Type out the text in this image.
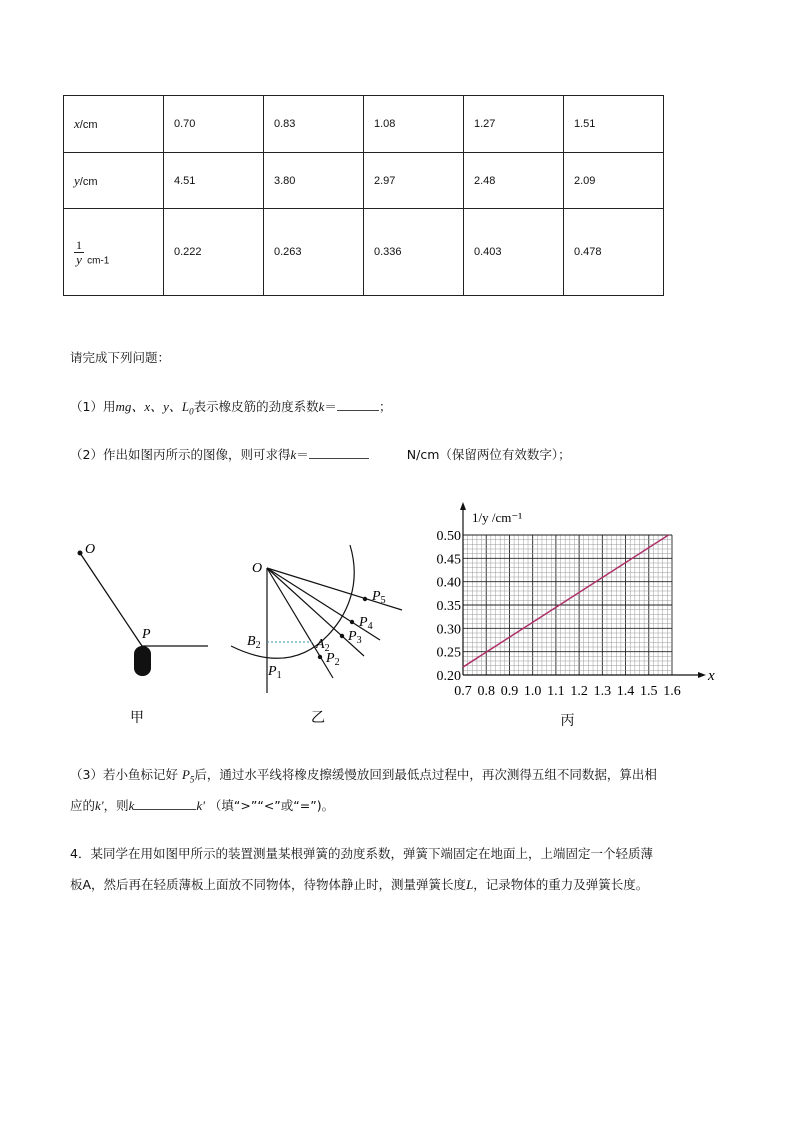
x/cm	0.70	0.83	1.08	1.27	1.51
y/cm	4.51	3.80	2.97	2.48	2.09

$\frac{1}{y} cm-1$	0.222	0.263	0.336	0.403	0.478
请完成下列问题：
（1）用mg、x、y、$L_0$表示橡皮筋的劲度系数k＝	；
（2）作出如图丙所示的图像，则可求得k＝	N/cm（保留两位有效数字）；
O
P
甲
O
$B_2$	$A_2$
$P_1$
$P_2$
$P_3$
$P_4$
$P_5$
乙
1/y /cm⁻¹
0.7 0.8 0.9 1.0 1.1 1.2 1.3 1.4 1.5 1.6
0.20
0.25
0.30
0.35
0.40
0.45
0.50
x
丙
（3）若小鱼标记好 $P_5$后，通过水平线将橡皮擦缓慢放回到最低点过程中，再次测得五组不同数据，算出相
应的k'，则k	k' （填“>”“<”或“=”)。
4．某同学在用如图甲所示的装置测量某根弹簧的劲度系数，弹簧下端固定在地面上，上端固定一个轻质薄
板A，然后再在轻质薄板上面放不同物体，待物体静止时，测量弹簧长度L，记录物体的重力及弹簧长度。
